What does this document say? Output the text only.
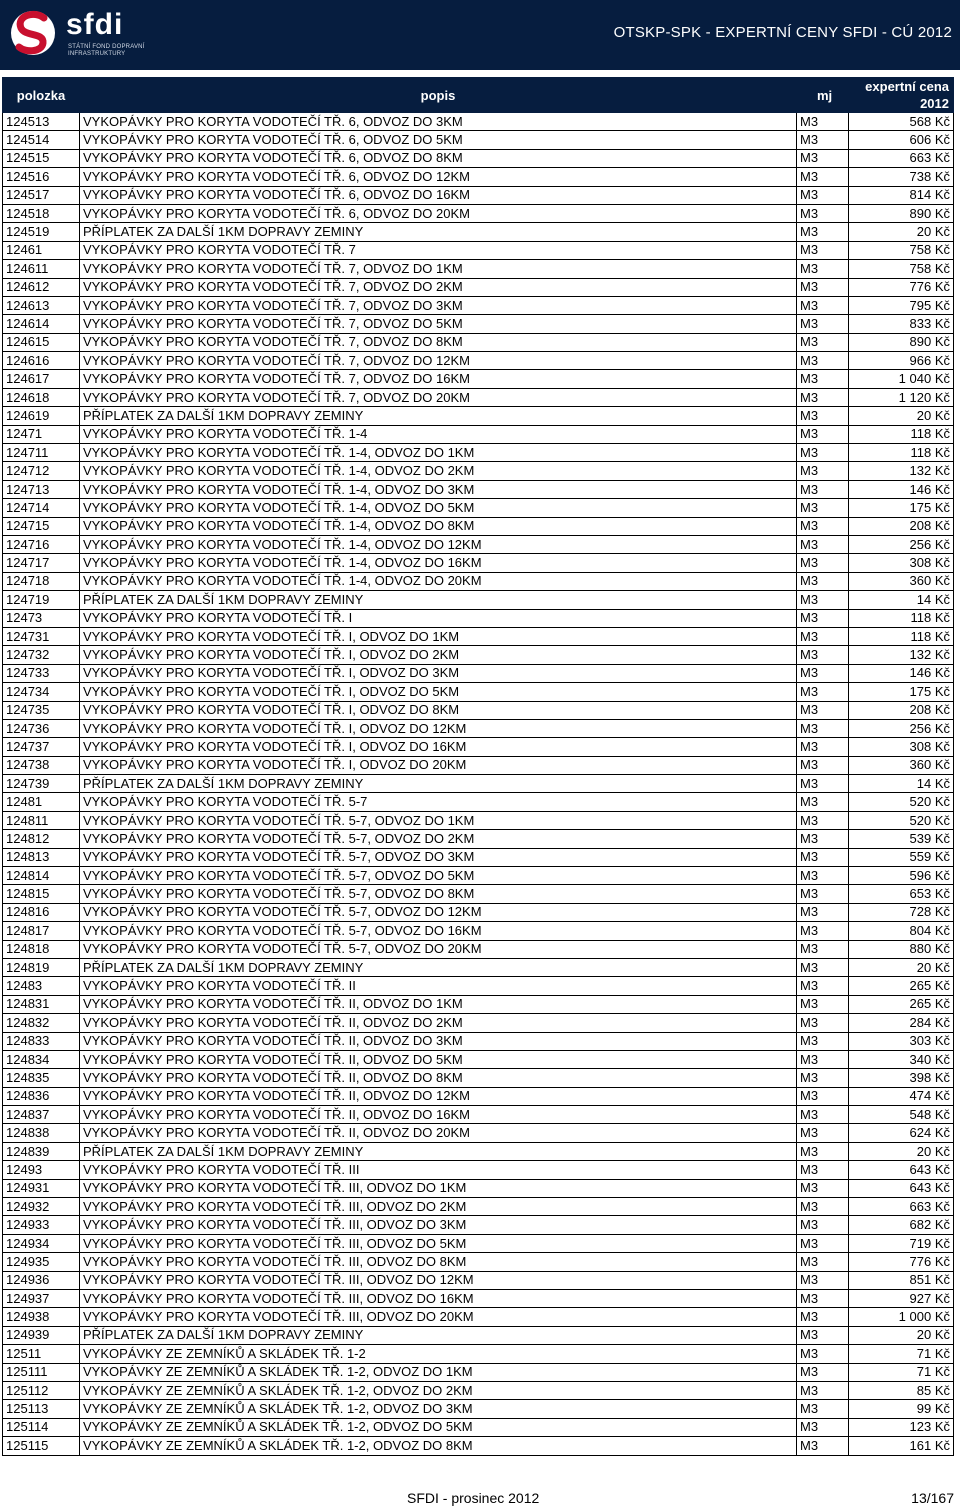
sfdi
STÁTNÍ FOND DOPRAVNÍ INFRASTRUKTURY
OTSKP-SPK - EXPERTNÍ CENY SFDI - CÚ 2012
polozka	popis	mj	expertní cena
2012
124513	VYKOPÁVKY PRO KORYTA VODOTEČÍ TŘ. 6, ODVOZ DO 3KM	M3	568 Kč
124514	VYKOPÁVKY PRO KORYTA VODOTEČÍ TŘ. 6, ODVOZ DO 5KM	M3	606 Kč
124515	VYKOPÁVKY PRO KORYTA VODOTEČÍ TŘ. 6, ODVOZ DO 8KM	M3	663 Kč
124516	VYKOPÁVKY PRO KORYTA VODOTEČÍ TŘ. 6, ODVOZ DO 12KM	M3	738 Kč
124517	VYKOPÁVKY PRO KORYTA VODOTEČÍ TŘ. 6, ODVOZ DO 16KM	M3	814 Kč
124518	VYKOPÁVKY PRO KORYTA VODOTEČÍ TŘ. 6, ODVOZ DO 20KM	M3	890 Kč
124519	PŘÍPLATEK ZA DALŠÍ 1KM DOPRAVY ZEMINY	M3	20 Kč
12461	VYKOPÁVKY PRO KORYTA VODOTEČÍ TŘ. 7	M3	758 Kč
124611	VYKOPÁVKY PRO KORYTA VODOTEČÍ TŘ. 7, ODVOZ DO 1KM	M3	758 Kč
124612	VYKOPÁVKY PRO KORYTA VODOTEČÍ TŘ. 7, ODVOZ DO 2KM	M3	776 Kč
124613	VYKOPÁVKY PRO KORYTA VODOTEČÍ TŘ. 7, ODVOZ DO 3KM	M3	795 Kč
124614	VYKOPÁVKY PRO KORYTA VODOTEČÍ TŘ. 7, ODVOZ DO 5KM	M3	833 Kč
124615	VYKOPÁVKY PRO KORYTA VODOTEČÍ TŘ. 7, ODVOZ DO 8KM	M3	890 Kč
124616	VYKOPÁVKY PRO KORYTA VODOTEČÍ TŘ. 7, ODVOZ DO 12KM	M3	966 Kč
124617	VYKOPÁVKY PRO KORYTA VODOTEČÍ TŘ. 7, ODVOZ DO 16KM	M3	1 040 Kč
124618	VYKOPÁVKY PRO KORYTA VODOTEČÍ TŘ. 7, ODVOZ DO 20KM	M3	1 120 Kč
124619	PŘÍPLATEK ZA DALŠÍ 1KM DOPRAVY ZEMINY	M3	20 Kč
12471	VYKOPÁVKY PRO KORYTA VODOTEČÍ TŘ. 1-4	M3	118 Kč
124711	VYKOPÁVKY PRO KORYTA VODOTEČÍ TŘ. 1-4, ODVOZ DO 1KM	M3	118 Kč
124712	VYKOPÁVKY PRO KORYTA VODOTEČÍ TŘ. 1-4, ODVOZ DO 2KM	M3	132 Kč
124713	VYKOPÁVKY PRO KORYTA VODOTEČÍ TŘ. 1-4, ODVOZ DO 3KM	M3	146 Kč
124714	VYKOPÁVKY PRO KORYTA VODOTEČÍ TŘ. 1-4, ODVOZ DO 5KM	M3	175 Kč
124715	VYKOPÁVKY PRO KORYTA VODOTEČÍ TŘ. 1-4, ODVOZ DO 8KM	M3	208 Kč
124716	VYKOPÁVKY PRO KORYTA VODOTEČÍ TŘ. 1-4, ODVOZ DO 12KM	M3	256 Kč
124717	VYKOPÁVKY PRO KORYTA VODOTEČÍ TŘ. 1-4, ODVOZ DO 16KM	M3	308 Kč
124718	VYKOPÁVKY PRO KORYTA VODOTEČÍ TŘ. 1-4, ODVOZ DO 20KM	M3	360 Kč
124719	PŘÍPLATEK ZA DALŠÍ 1KM DOPRAVY ZEMINY	M3	14 Kč
12473	VYKOPÁVKY PRO KORYTA VODOTEČÍ TŘ. I	M3	118 Kč
124731	VYKOPÁVKY PRO KORYTA VODOTEČÍ TŘ. I, ODVOZ DO 1KM	M3	118 Kč
124732	VYKOPÁVKY PRO KORYTA VODOTEČÍ TŘ. I, ODVOZ DO 2KM	M3	132 Kč
124733	VYKOPÁVKY PRO KORYTA VODOTEČÍ TŘ. I, ODVOZ DO 3KM	M3	146 Kč
124734	VYKOPÁVKY PRO KORYTA VODOTEČÍ TŘ. I, ODVOZ DO 5KM	M3	175 Kč
124735	VYKOPÁVKY PRO KORYTA VODOTEČÍ TŘ. I, ODVOZ DO 8KM	M3	208 Kč
124736	VYKOPÁVKY PRO KORYTA VODOTEČÍ TŘ. I, ODVOZ DO 12KM	M3	256 Kč
124737	VYKOPÁVKY PRO KORYTA VODOTEČÍ TŘ. I, ODVOZ DO 16KM	M3	308 Kč
124738	VYKOPÁVKY PRO KORYTA VODOTEČÍ TŘ. I, ODVOZ DO 20KM	M3	360 Kč
124739	PŘÍPLATEK ZA DALŠÍ 1KM DOPRAVY ZEMINY	M3	14 Kč
12481	VYKOPÁVKY PRO KORYTA VODOTEČÍ TŘ. 5-7	M3	520 Kč
124811	VYKOPÁVKY PRO KORYTA VODOTEČÍ TŘ. 5-7, ODVOZ DO 1KM	M3	520 Kč
124812	VYKOPÁVKY PRO KORYTA VODOTEČÍ TŘ. 5-7, ODVOZ DO 2KM	M3	539 Kč
124813	VYKOPÁVKY PRO KORYTA VODOTEČÍ TŘ. 5-7, ODVOZ DO 3KM	M3	559 Kč
124814	VYKOPÁVKY PRO KORYTA VODOTEČÍ TŘ. 5-7, ODVOZ DO 5KM	M3	596 Kč
124815	VYKOPÁVKY PRO KORYTA VODOTEČÍ TŘ. 5-7, ODVOZ DO 8KM	M3	653 Kč
124816	VYKOPÁVKY PRO KORYTA VODOTEČÍ TŘ. 5-7, ODVOZ DO 12KM	M3	728 Kč
124817	VYKOPÁVKY PRO KORYTA VODOTEČÍ TŘ. 5-7, ODVOZ DO 16KM	M3	804 Kč
124818	VYKOPÁVKY PRO KORYTA VODOTEČÍ TŘ. 5-7, ODVOZ DO 20KM	M3	880 Kč
124819	PŘÍPLATEK ZA DALŠÍ 1KM DOPRAVY ZEMINY	M3	20 Kč
12483	VYKOPÁVKY PRO KORYTA VODOTEČÍ TŘ. II	M3	265 Kč
124831	VYKOPÁVKY PRO KORYTA VODOTEČÍ TŘ. II, ODVOZ DO 1KM	M3	265 Kč
124832	VYKOPÁVKY PRO KORYTA VODOTEČÍ TŘ. II, ODVOZ DO 2KM	M3	284 Kč
124833	VYKOPÁVKY PRO KORYTA VODOTEČÍ TŘ. II, ODVOZ DO 3KM	M3	303 Kč
124834	VYKOPÁVKY PRO KORYTA VODOTEČÍ TŘ. II, ODVOZ DO 5KM	M3	340 Kč
124835	VYKOPÁVKY PRO KORYTA VODOTEČÍ TŘ. II, ODVOZ DO 8KM	M3	398 Kč
124836	VYKOPÁVKY PRO KORYTA VODOTEČÍ TŘ. II, ODVOZ DO 12KM	M3	474 Kč
124837	VYKOPÁVKY PRO KORYTA VODOTEČÍ TŘ. II, ODVOZ DO 16KM	M3	548 Kč
124838	VYKOPÁVKY PRO KORYTA VODOTEČÍ TŘ. II, ODVOZ DO 20KM	M3	624 Kč
124839	PŘÍPLATEK ZA DALŠÍ 1KM DOPRAVY ZEMINY	M3	20 Kč
12493	VYKOPÁVKY PRO KORYTA VODOTEČÍ TŘ. III	M3	643 Kč
124931	VYKOPÁVKY PRO KORYTA VODOTEČÍ TŘ. III, ODVOZ DO 1KM	M3	643 Kč
124932	VYKOPÁVKY PRO KORYTA VODOTEČÍ TŘ. III, ODVOZ DO 2KM	M3	663 Kč
124933	VYKOPÁVKY PRO KORYTA VODOTEČÍ TŘ. III, ODVOZ DO 3KM	M3	682 Kč
124934	VYKOPÁVKY PRO KORYTA VODOTEČÍ TŘ. III, ODVOZ DO 5KM	M3	719 Kč
124935	VYKOPÁVKY PRO KORYTA VODOTEČÍ TŘ. III, ODVOZ DO 8KM	M3	776 Kč
124936	VYKOPÁVKY PRO KORYTA VODOTEČÍ TŘ. III, ODVOZ DO 12KM	M3	851 Kč
124937	VYKOPÁVKY PRO KORYTA VODOTEČÍ TŘ. III, ODVOZ DO 16KM	M3	927 Kč
124938	VYKOPÁVKY PRO KORYTA VODOTEČÍ TŘ. III, ODVOZ DO 20KM	M3	1 000 Kč
124939	PŘÍPLATEK ZA DALŠÍ 1KM DOPRAVY ZEMINY	M3	20 Kč
12511	VYKOPÁVKY ZE ZEMNÍKŮ A SKLÁDEK TŘ. 1-2	M3	71 Kč
125111	VYKOPÁVKY ZE ZEMNÍKŮ A SKLÁDEK TŘ. 1-2, ODVOZ DO 1KM	M3	71 Kč
125112	VYKOPÁVKY ZE ZEMNÍKŮ A SKLÁDEK TŘ. 1-2, ODVOZ DO 2KM	M3	85 Kč
125113	VYKOPÁVKY ZE ZEMNÍKŮ A SKLÁDEK TŘ. 1-2, ODVOZ DO 3KM	M3	99 Kč
125114	VYKOPÁVKY ZE ZEMNÍKŮ A SKLÁDEK TŘ. 1-2, ODVOZ DO 5KM	M3	123 Kč
125115	VYKOPÁVKY ZE ZEMNÍKŮ A SKLÁDEK TŘ. 1-2, ODVOZ DO 8KM	M3	161 Kč
SFDI - prosinec 2012	13/167
